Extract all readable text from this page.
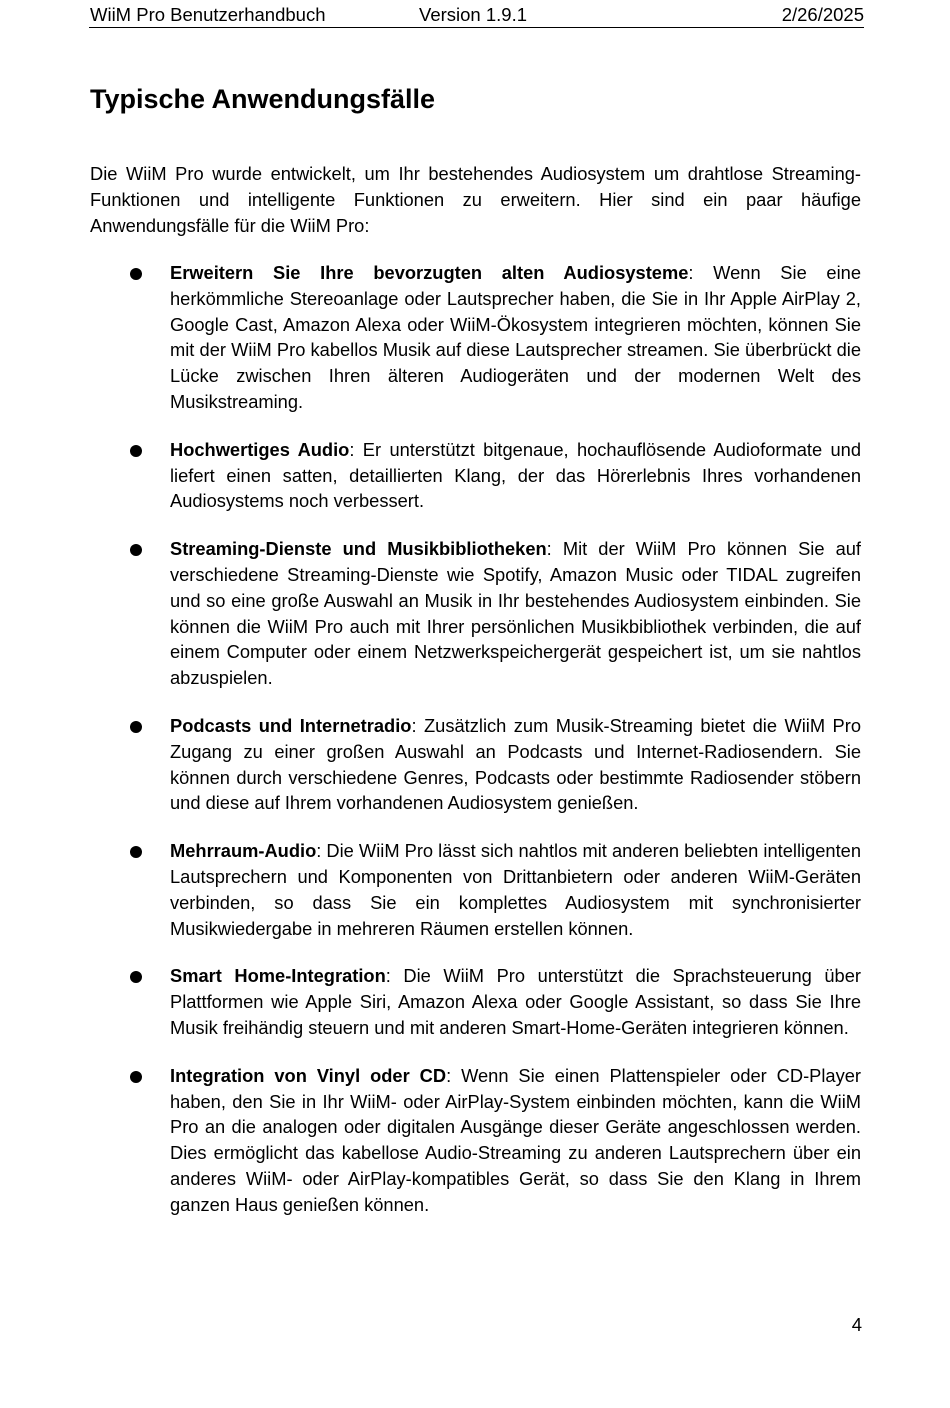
WiiM Pro Benutzerhandbuch	Version 1.9.1	2/26/2025
Typische Anwendungsfälle

Die WiiM Pro wurde entwickelt, um Ihr bestehendes Audiosystem um drahtlose Streaming-Funktionen und intelligente Funktionen zu erweitern. Hier sind ein paar häufige Anwendungsfälle für die WiiM Pro:

Erweitern Sie Ihre bevorzugten alten Audiosysteme: Wenn Sie eine herkömmliche Stereoanlage oder Lautsprecher haben, die Sie in Ihr Apple AirPlay 2, Google Cast, Amazon Alexa oder WiiM-Ökosystem integrieren möchten, können Sie mit der WiiM Pro kabellos Musik auf diese Lautsprecher streamen. Sie überbrückt die Lücke zwischen Ihren älteren Audiogeräten und der modernen Welt des Musikstreaming.

Hochwertiges Audio: Er unterstützt bitgenaue, hochauflösende Audioformate und liefert einen satten, detaillierten Klang, der das Hörerlebnis Ihres vorhandenen Audiosystems noch verbessert.

Streaming-Dienste und Musikbibliotheken: Mit der WiiM Pro können Sie auf verschiedene Streaming-Dienste wie Spotify, Amazon Music oder TIDAL zugreifen und so eine große Auswahl an Musik in Ihr bestehendes Audiosystem einbinden. Sie können die WiiM Pro auch mit Ihrer persönlichen Musikbibliothek verbinden, die auf einem Computer oder einem Netzwerkspeichergerät gespeichert ist, um sie nahtlos abzuspielen.

Podcasts und Internetradio: Zusätzlich zum Musik-Streaming bietet die WiiM Pro Zugang zu einer großen Auswahl an Podcasts und Internet-Radiosendern. Sie können durch verschiedene Genres, Podcasts oder bestimmte Radiosender stöbern und diese auf Ihrem vorhandenen Audiosystem genießen.

Mehrraum-Audio: Die WiiM Pro lässt sich nahtlos mit anderen beliebten intelligenten Lautsprechern und Komponenten von Drittanbietern oder anderen WiiM-Geräten verbinden, so dass Sie ein komplettes Audiosystem mit synchronisierter Musikwiedergabe in mehreren Räumen erstellen können.

Smart Home-Integration: Die WiiM Pro unterstützt die Sprachsteuerung über Plattformen wie Apple Siri, Amazon Alexa oder Google Assistant, so dass Sie Ihre Musik freihändig steuern und mit anderen Smart-Home-Geräten integrieren können.

Integration von Vinyl oder CD: Wenn Sie einen Plattenspieler oder CD-Player haben, den Sie in Ihr WiiM- oder AirPlay-System einbinden möchten, kann die WiiM Pro an die analogen oder digitalen Ausgänge dieser Geräte angeschlossen werden. Dies ermöglicht das kabellose Audio-Streaming zu anderen Lautsprechern über ein anderes WiiM- oder AirPlay-kompatibles Gerät, so dass Sie den Klang in Ihrem ganzen Haus genießen können.

4
